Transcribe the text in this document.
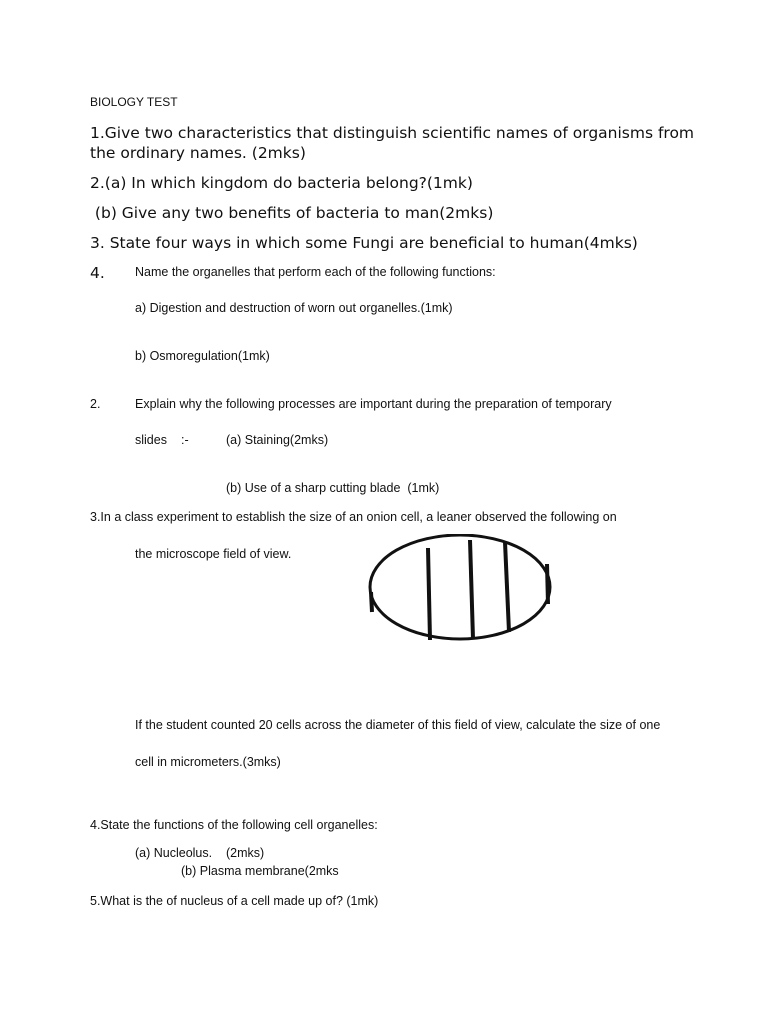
BIOLOGY TEST
1.Give two characteristics that distinguish scientific names of organisms from
the ordinary names. (2mks)
2.(a) In which kingdom do bacteria belong?(1mk)
(b) Give any two benefits of bacteria to man(2mks)
3. State four ways in which some Fungi are beneficial to human(4mks)
4. Name the organelles that perform each of the following functions:
a) Digestion and destruction of worn out organelles.(1mk)
b) Osmoregulation(1mk)
2.	Explain why the following processes are important during the preparation of temporary
slides :-	(a) Staining(2mks)
(b) Use of a sharp cutting blade  (1mk)
3.In a class experiment to establish the size of an onion cell, a leaner observed the following on
the microscope field of view.
If the student counted 20 cells across the diameter of this field of view, calculate the size of one
cell in micrometers.(3mks)
4.State the functions of the following cell organelles:
(a) Nucleolus.    (2mks)
(b) Plasma membrane(2mks
5.What is the of nucleus of a cell made up of? (1mk)
